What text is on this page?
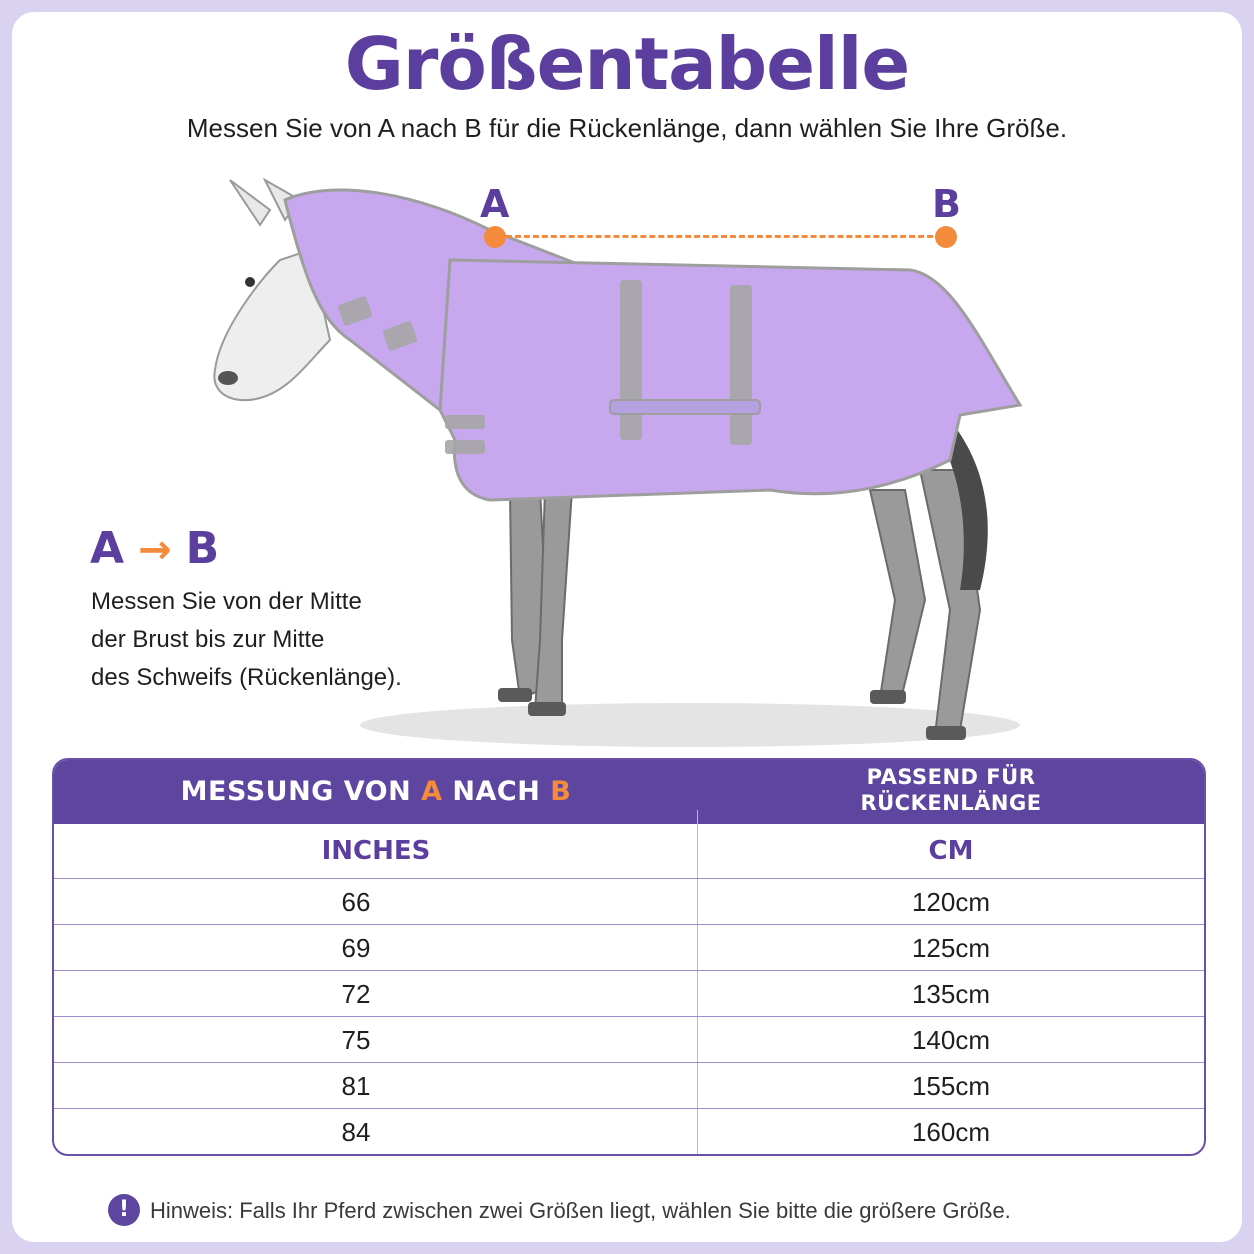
Größentabelle
Messen Sie von A nach B für die Rückenlänge, dann wählen Sie Ihre Größe.
A	B
A → B
Messen Sie von der Mitte
der Brust bis zur Mitte
des Schweifs (Rückenlänge).
MESSUNG VON A NACH B	PASSEND FÜR
RÜCKENLÄNGE
INCHES	CM
66	120cm
69	125cm
72	135cm
75	140cm
81	155cm
84	160cm
! Hinweis: Falls Ihr Pferd zwischen zwei Größen liegt, wählen Sie bitte die größere Größe.
